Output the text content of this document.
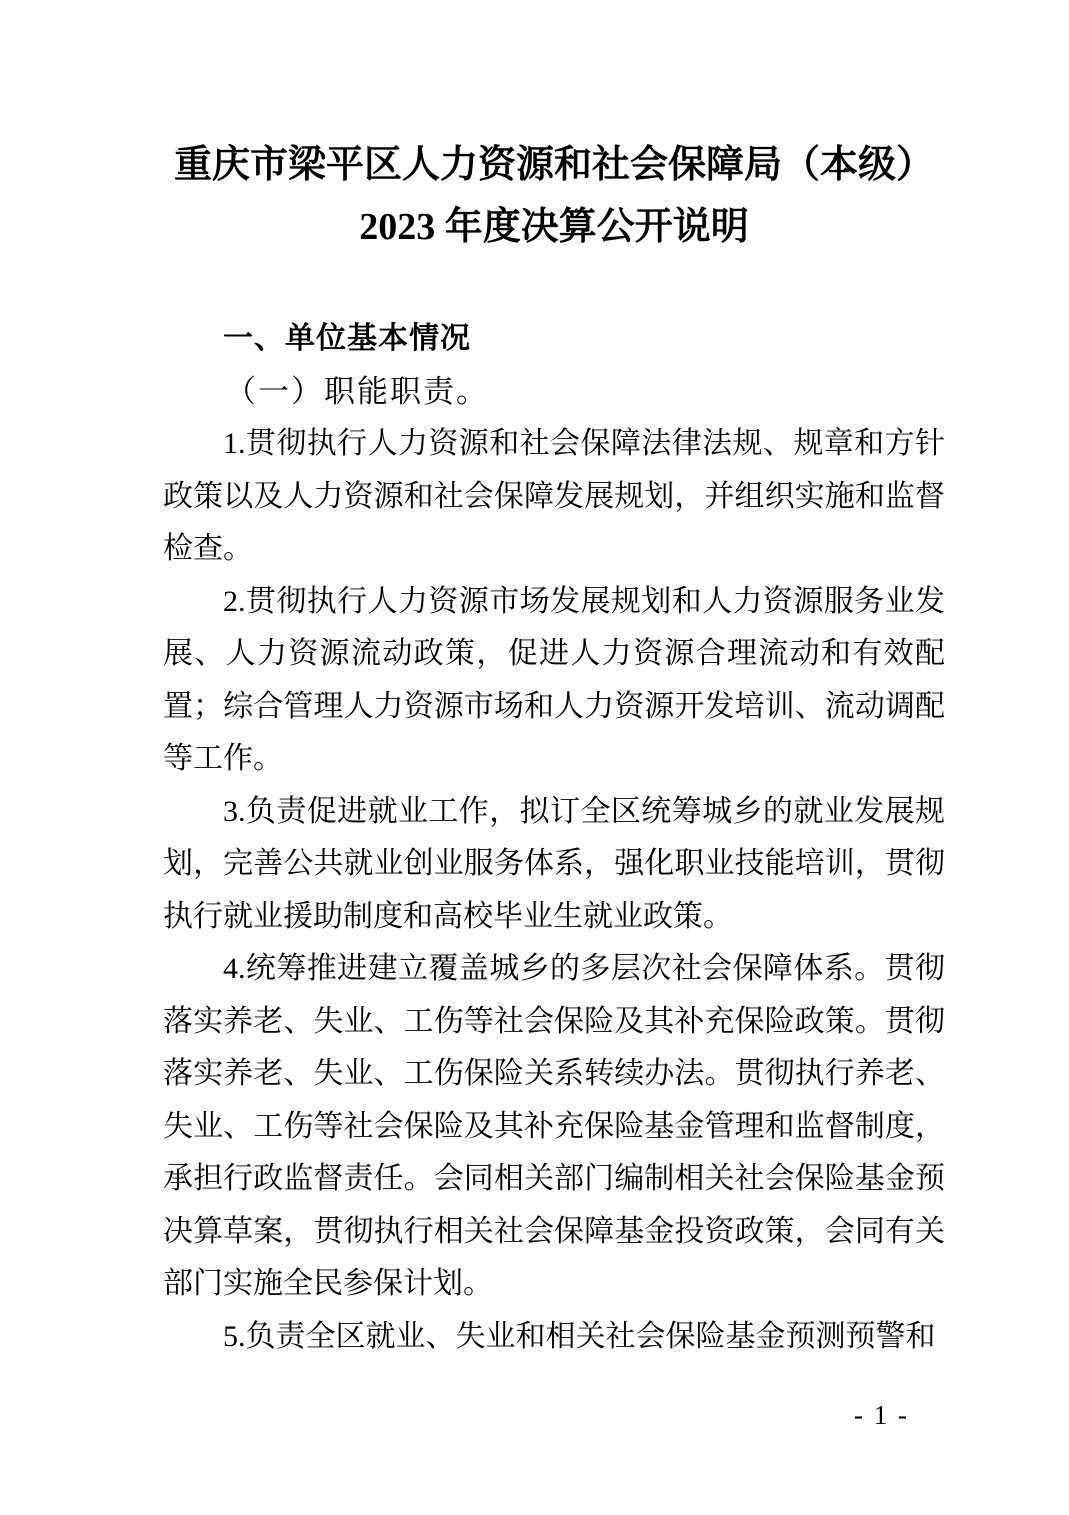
重庆市梁平区人力资源和社会保障局（本级）
2023 年度决算公开说明
一、单位基本情况
（一）职能职责。

1.贯彻执行人力资源和社会保障法律法规、规章和方针政策以及人力资源和社会保障发展规划，并组织实施和监督检查。

2.贯彻执行人力资源市场发展规划和人力资源服务业发展、人力资源流动政策，促进人力资源合理流动和有效配置；综合管理人力资源市场和人力资源开发培训、流动调配等工作。

3.负责促进就业工作，拟订全区统筹城乡的就业发展规划，完善公共就业创业服务体系，强化职业技能培训，贯彻执行就业援助制度和高校毕业生就业政策。

4.统筹推进建立覆盖城乡的多层次社会保障体系。贯彻落实养老、失业、工伤等社会保险及其补充保险政策。贯彻落实养老、失业、工伤保险关系转续办法。贯彻执行养老、失业、工伤等社会保险及其补充保险基金管理和监督制度，承担行政监督责任。会同相关部门编制相关社会保险基金预决算草案，贯彻执行相关社会保障基金投资政策，会同有关部门实施全民参保计划。

5.负责全区就业、失业和相关社会保险基金预测预警和

- 1 -
